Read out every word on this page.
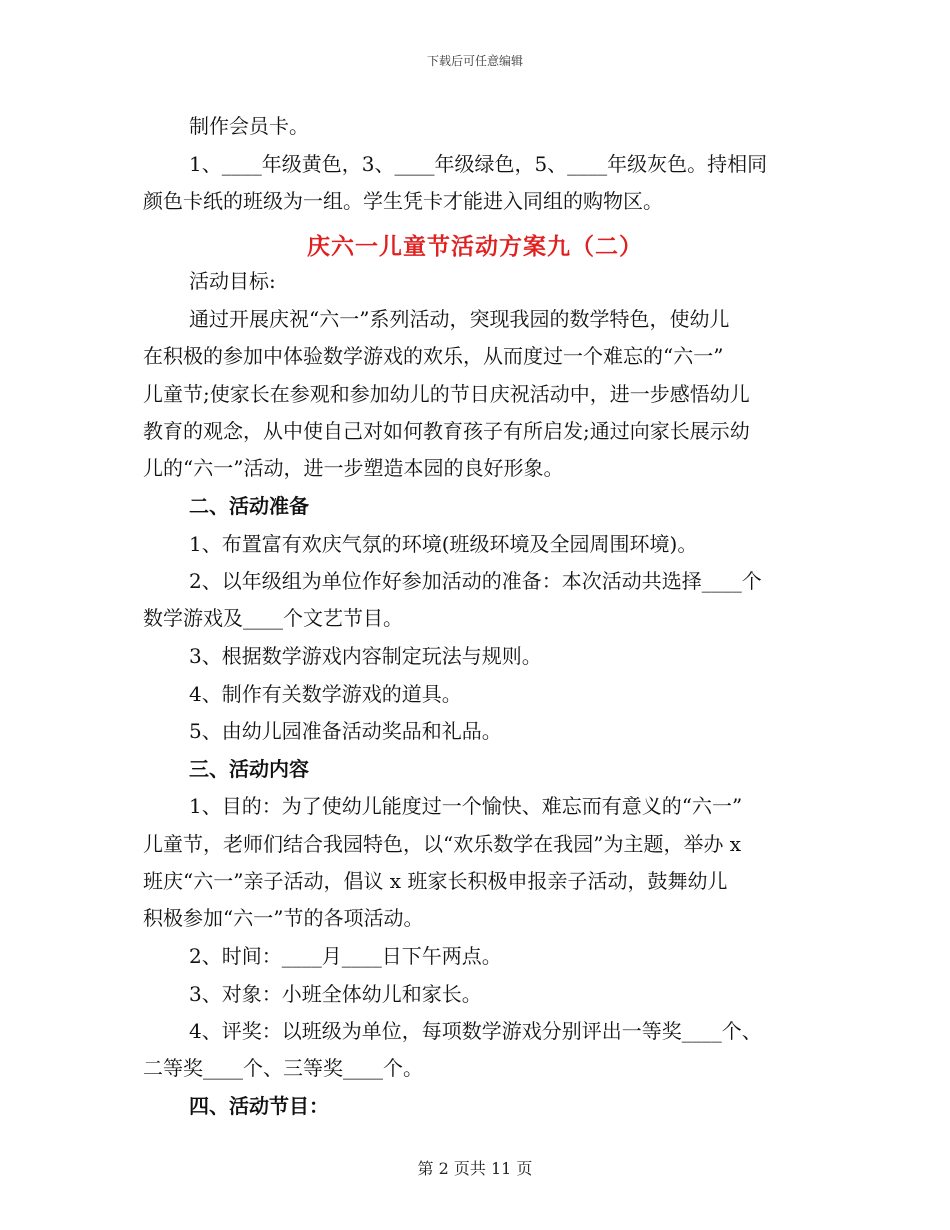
下载后可任意编辑
制作会员卡。
1、____年级黄色，3、____年级绿色，5、____年级灰色。持相同
颜色卡纸的班级为一组。学生凭卡才能进入同组的购物区。
庆六一儿童节活动方案九（二）
活动目标:
通过开展庆祝“六一”系列活动，突现我园的数学特色，使幼儿
在积极的参加中体验数学游戏的欢乐，从而度过一个难忘的“六一”
儿童节;使家长在参观和参加幼儿的节日庆祝活动中，进一步感悟幼儿
教育的观念，从中使自己对如何教育孩子有所启发;通过向家长展示幼
儿的“六一”活动，进一步塑造本园的良好形象。
二、活动准备
1、布置富有欢庆气氛的环境(班级环境及全园周围环境)。
2、以年级组为单位作好参加活动的准备：本次活动共选择____个
数学游戏及____个文艺节目。
3、根据数学游戏内容制定玩法与规则。
4、制作有关数学游戏的道具。
5、由幼儿园准备活动奖品和礼品。
三、活动内容
1、目的：为了使幼儿能度过一个愉快、难忘而有意义的“六一”
儿童节，老师们结合我园特色，以“欢乐数学在我园”为主题，举办 x
班庆“六一”亲子活动，倡议 x 班家长积极申报亲子活动，鼓舞幼儿
积极参加“六一”节的各项活动。
2、时间：____月____日下午两点。
3、对象：小班全体幼儿和家长。
4、评奖：以班级为单位，每项数学游戏分别评出一等奖____个、
二等奖____个、三等奖____个。
四、活动节目：
第 2 页共 11 页
